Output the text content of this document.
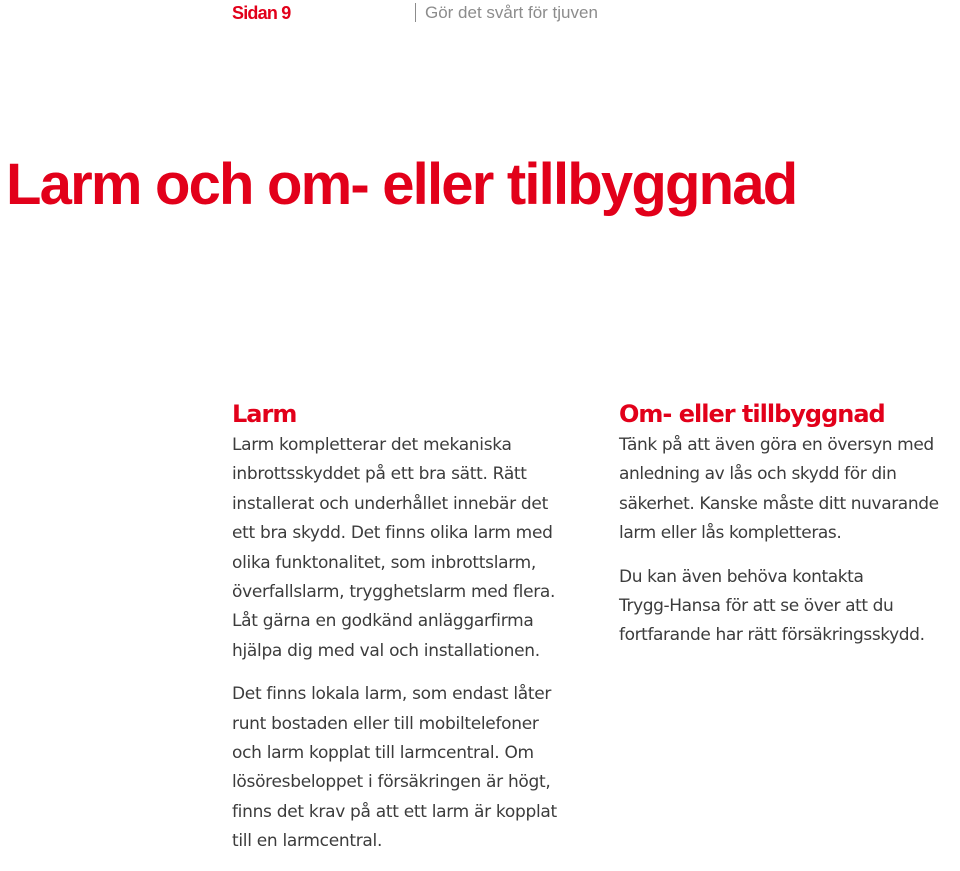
Sidan 9	Gör det svårt för tjuven
Larm och om- eller tillbyggnad
Larm

Larm kompletterar det mekaniska
inbrottsskyddet på ett bra sätt. Rätt
installerat och underhållet innebär det
ett bra skydd. Det finns olika larm med
olika funktonalitet, som inbrottslarm,
överfallslarm, trygghetslarm med flera.
Låt gärna en godkänd anläggarfirma
hjälpa dig med val och installationen.

Det finns lokala larm, som endast låter
runt bostaden eller till mobiltelefoner
och larm kopplat till larmcentral. Om
lösöresbeloppet i försäkringen är högt,
finns det krav på att ett larm är kopplat
till en larmcentral.

Om- eller tillbyggnad

Tänk på att även göra en översyn med
anledning av lås och skydd för din
säkerhet. Kanske måste ditt nuvarande
larm eller lås kompletteras.

Du kan även behöva kontakta
Trygg-Hansa för att se över att du
fortfarande har rätt försäkringsskydd.
